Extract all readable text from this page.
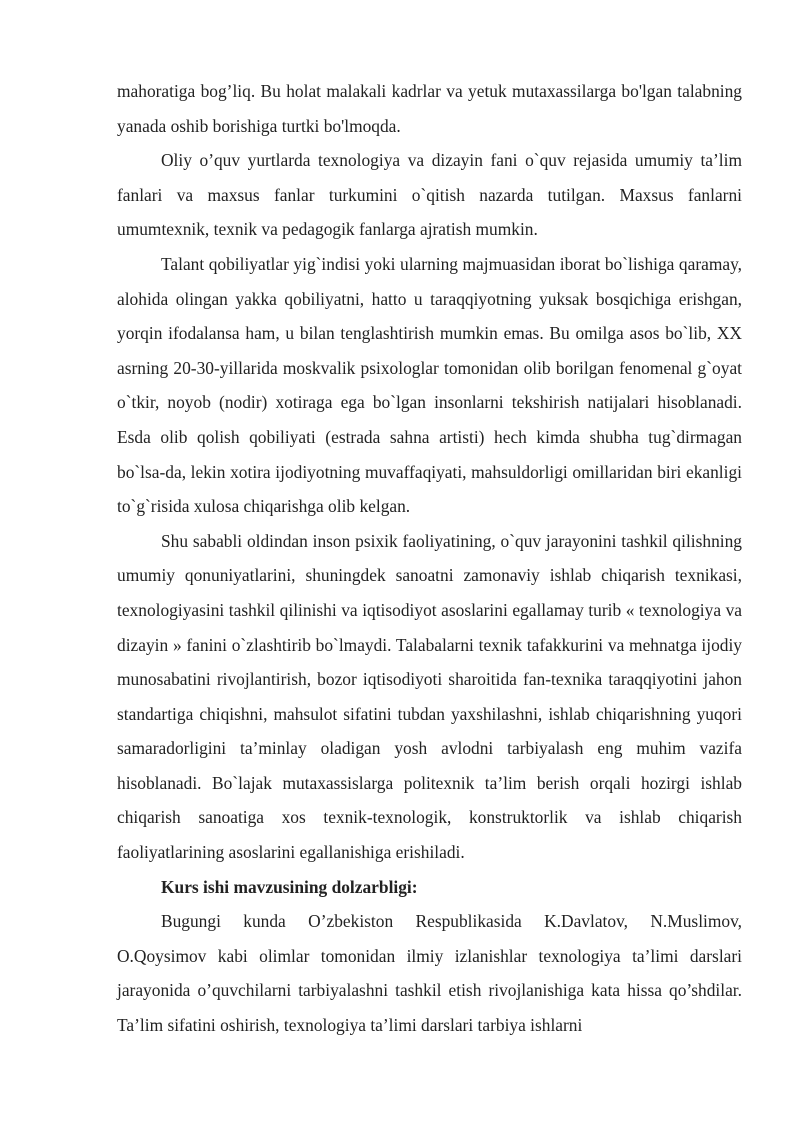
mahoratiga bog’liq. Bu holat malakali kadrlar va yetuk mutaxassilarga bo'lgan talabning yanada oshib borishiga turtki bo'lmoqda.

Oliy o’quv yurtlarda texnologiya va dizayin fani o`quv rejasida umumiy ta’lim fanlari va maxsus fanlar turkumini o`qitish nazarda tutilgan. Maxsus fanlarni umumtexnik, texnik va pedagogik fanlarga ajratish mumkin.

Talant qobiliyatlar yig`indisi yoki ularning majmuasidan iborat bo`lishiga qaramay, alohida olingan yakka qobiliyatni, hatto u taraqqiyotning yuksak bosqichiga erishgan, yorqin ifodalansa ham, u bilan tenglashtirish mumkin emas. Bu omilga asos bo`lib, XX asrning 20-30-yillarida moskvalik psixologlar tomonidan olib borilgan fenomenal g`oyat o`tkir, noyob (nodir) xotiraga ega bo`lgan insonlarni tekshirish natijalari hisoblanadi. Esda olib qolish qobiliyati (estrada sahna artisti) hech kimda shubha tug`dirmagan bo`lsa-da, lekin xotira ijodiyotning muvaffaqiyati, mahsuldorligi omillaridan biri ekanligi to`g`risida xulosa chiqarishga olib kelgan.

Shu sababli oldindan inson psixik faoliyatining, o`quv jarayonini tashkil qilishning umumiy qonuniyatlarini, shuningdek sanoatni zamonaviy ishlab chiqarish texnikasi, texnologiyasini tashkil qilinishi va iqtisodiyot asoslarini egallamay turib « texnologiya va dizayin » fanini o`zlashtirib bo`lmaydi. Talabalarni texnik tafakkurini va mehnatga ijodiy munosabatini rivojlantirish, bozor iqtisodiyoti sharoitida fan-texnika taraqqiyotini jahon standartiga chiqishni, mahsulot sifatini tubdan yaxshilashni, ishlab chiqarishning yuqori samaradorligini ta’minlay oladigan yosh avlodni tarbiyalash eng muhim vazifa hisoblanadi. Bo`lajak mutaxassislarga politexnik ta’lim berish orqali hozirgi ishlab chiqarish sanoatiga xos texnik-texnologik, konstruktorlik va ishlab chiqarish faoliyatlarining asoslarini egallanishiga erishiladi.

Kurs ishi mavzusining dolzarbligi:

Bugungi kunda O’zbekiston Respublikasida K.Davlatov, N.Muslimov, O.Qoysimov kabi olimlar tomonidan ilmiy izlanishlar texnologiya ta’limi darslari jarayonida o’quvchilarni tarbiyalashni tashkil etish rivojlanishiga kata hissa qo’shdilar. Ta’lim sifatini oshirish, texnologiya ta’limi darslari tarbiya ishlarni
